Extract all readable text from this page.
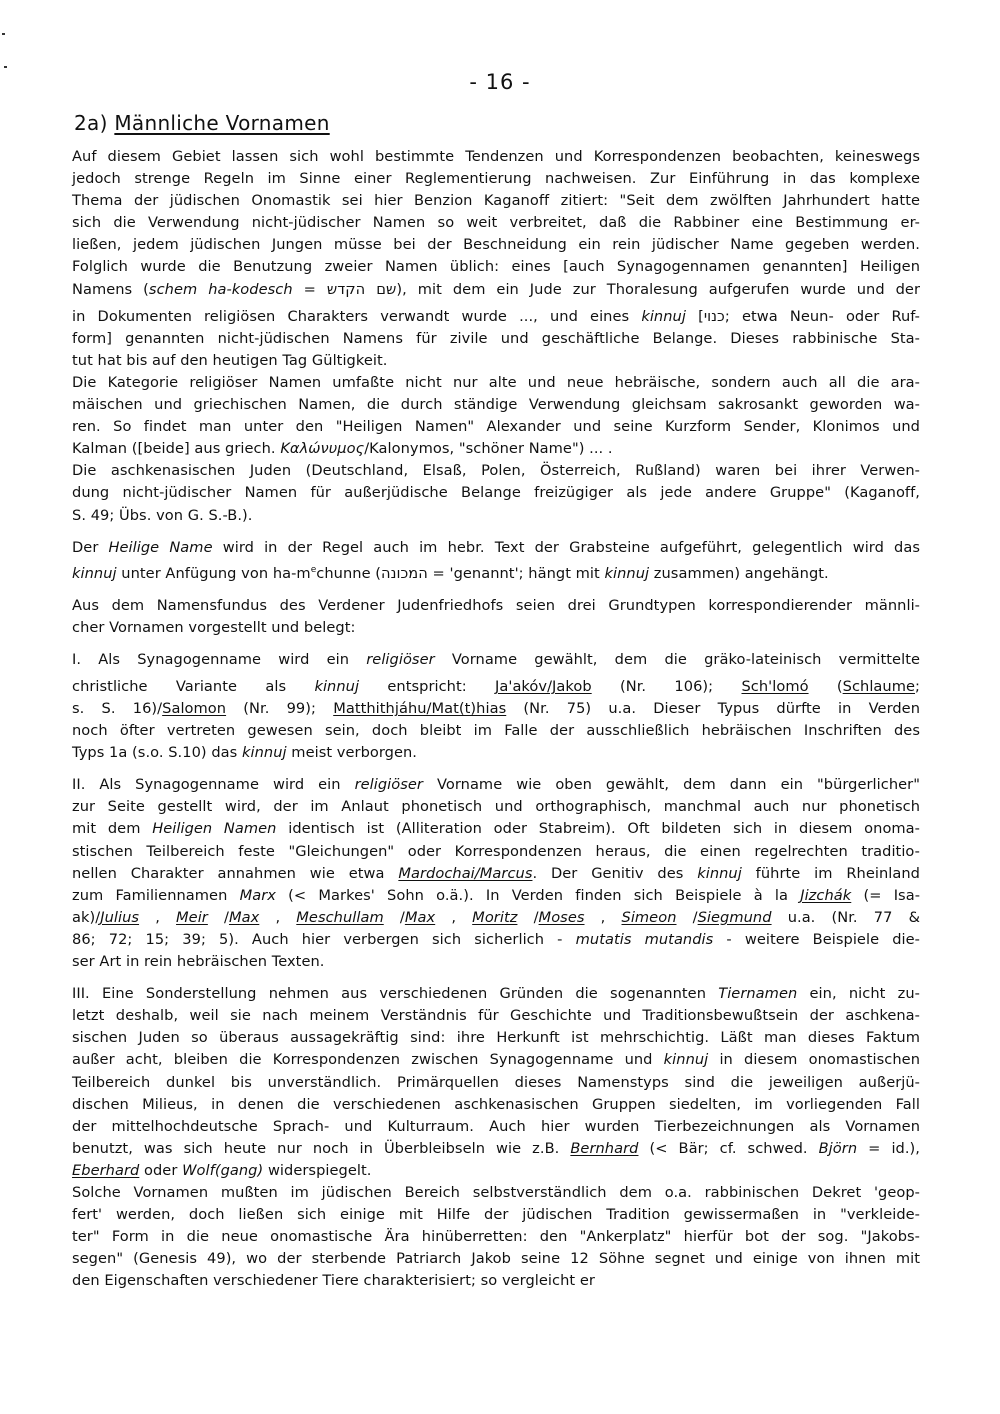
- 16 -
2a) Männliche Vornamen
Auf diesem Gebiet lassen sich wohl bestimmte Tendenzen und Korrespondenzen beobachten, keineswegs
jedoch strenge Regeln im Sinne einer Reglementierung nachweisen. Zur Einführung in das komplexe
Thema der jüdischen Onomastik sei hier Benzion Kaganoff zitiert: "Seit dem zwölften Jahrhundert hatte
sich die Verwendung nicht-jüdischer Namen so weit verbreitet, daß die Rabbiner eine Bestimmung er-
ließen, jedem jüdischen Jungen müsse bei der Beschneidung ein rein jüdischer Name gegeben werden.
Folglich wurde die Benutzung zweier Namen üblich: eines [auch Synagogennamen genannten] Heiligen
Namens (schem ha-kodesch = שם הקדש), mit dem ein Jude zur Thoralesung aufgerufen wurde und der
in Dokumenten religiösen Charakters verwandt wurde ..., und eines kinnuj [כנוי; etwa Neun- oder Ruf-
form] genannten nicht-jüdischen Namens für zivile und geschäftliche Belange. Dieses rabbinische Sta-
tut hat bis auf den heutigen Tag Gültigkeit.
Die Kategorie religiöser Namen umfaßte nicht nur alte und neue hebräische, sondern auch all die ara-
mäischen und griechischen Namen, die durch ständige Verwendung gleichsam sakrosankt geworden wa-
ren. So findet man unter den "Heiligen Namen" Alexander und seine Kurzform Sender, Klonimos und
Kalman ([beide] aus griech. Καλώνυμος/Kalonymos, "schöner Name") ... .
Die aschkenasischen Juden (Deutschland, Elsaß, Polen, Österreich, Rußland) waren bei ihrer Verwen-
dung nicht-jüdischer Namen für außerjüdische Belange freizügiger als jede andere Gruppe" (Kaganoff,
S. 49; Übs. von G. S.-B.).
Der Heilige Name wird in der Regel auch im hebr. Text der Grabsteine aufgeführt, gelegentlich wird das
kinnuj unter Anfügung von $ha-m^echunne$ (המכונה = 'genannt'; hängt mit kinnuj zusammen) angehängt.
Aus dem Namensfundus des Verdener Judenfriedhofs seien drei Grundtypen korrespondierender männli-
cher Vornamen vorgestellt und belegt:
I. Als Synagogenname wird ein religiöser Vorname gewählt, dem die gräko-lateinisch vermittelte
christliche Variante als kinnuj entspricht: Ja'akóv/Jakob (Nr. 106); Sch'lomó (Schlaume;
s. S. 16)/Salomon (Nr. 99); Matthithjáhu/Mat(t)hias (Nr. 75) u.a. Dieser Typus dürfte in Verden
noch öfter vertreten gewesen sein, doch bleibt im Falle der ausschließlich hebräischen Inschriften des
Typs 1a (s.o. S.10) das kinnuj meist verborgen.
II. Als Synagogenname wird ein religiöser Vorname wie oben gewählt, dem dann ein "bürgerlicher"
zur Seite gestellt wird, der im Anlaut phonetisch und orthographisch, manchmal auch nur phonetisch
mit dem Heiligen Namen identisch ist (Alliteration oder Stabreim). Oft bildeten sich in diesem onoma-
stischen Teilbereich feste "Gleichungen" oder Korrespondenzen heraus, die einen regelrechten traditio-
nellen Charakter annahmen wie etwa Mardochai/Marcus. Der Genitiv des kinnuj führte im Rheinland
zum Familiennamen Marx (< Markes' Sohn o.ä.). In Verden finden sich Beispiele à la Jizchák (= Isa-
ak)/Julius , Meir /Max , Meschullam /Max , Moritz /Moses , Simeon /Siegmund u.a. (Nr. 77 &
86; 72; 15; 39; 5). Auch hier verbergen sich sicherlich - mutatis mutandis - weitere Beispiele die-
ser Art in rein hebräischen Texten.
III. Eine Sonderstellung nehmen aus verschiedenen Gründen die sogenannten Tiernamen ein, nicht zu-
letzt deshalb, weil sie nach meinem Verständnis für Geschichte und Traditionsbewußtsein der aschkena-
sischen Juden so überaus aussagekräftig sind: ihre Herkunft ist mehrschichtig. Läßt man dieses Faktum
außer acht, bleiben die Korrespondenzen zwischen Synagogenname und kinnuj in diesem onomastischen
Teilbereich dunkel bis unverständlich. Primärquellen dieses Namenstyps sind die jeweiligen außerjü-
dischen Milieus, in denen die verschiedenen aschkenasischen Gruppen siedelten, im vorliegenden Fall
der mittelhochdeutsche Sprach- und Kulturraum. Auch hier wurden Tierbezeichnungen als Vornamen
benutzt, was sich heute nur noch in Überbleibseln wie z.B. Bernhard (< Bär; cf. schwed. Björn = id.),
Eberhard oder Wolf(gang) widerspiegelt.
Solche Vornamen mußten im jüdischen Bereich selbstverständlich dem o.a. rabbinischen Dekret 'geop-
fert' werden, doch ließen sich einige mit Hilfe der jüdischen Tradition gewissermaßen in "verkleide-
ter" Form in die neue onomastische Ära hinüberretten: den "Ankerplatz" hierfür bot der sog. "Jakobs-
segen" (Genesis 49), wo der sterbende Patriarch Jakob seine 12 Söhne segnet und einige von ihnen mit
den Eigenschaften verschiedener Tiere charakterisiert; so vergleicht er
